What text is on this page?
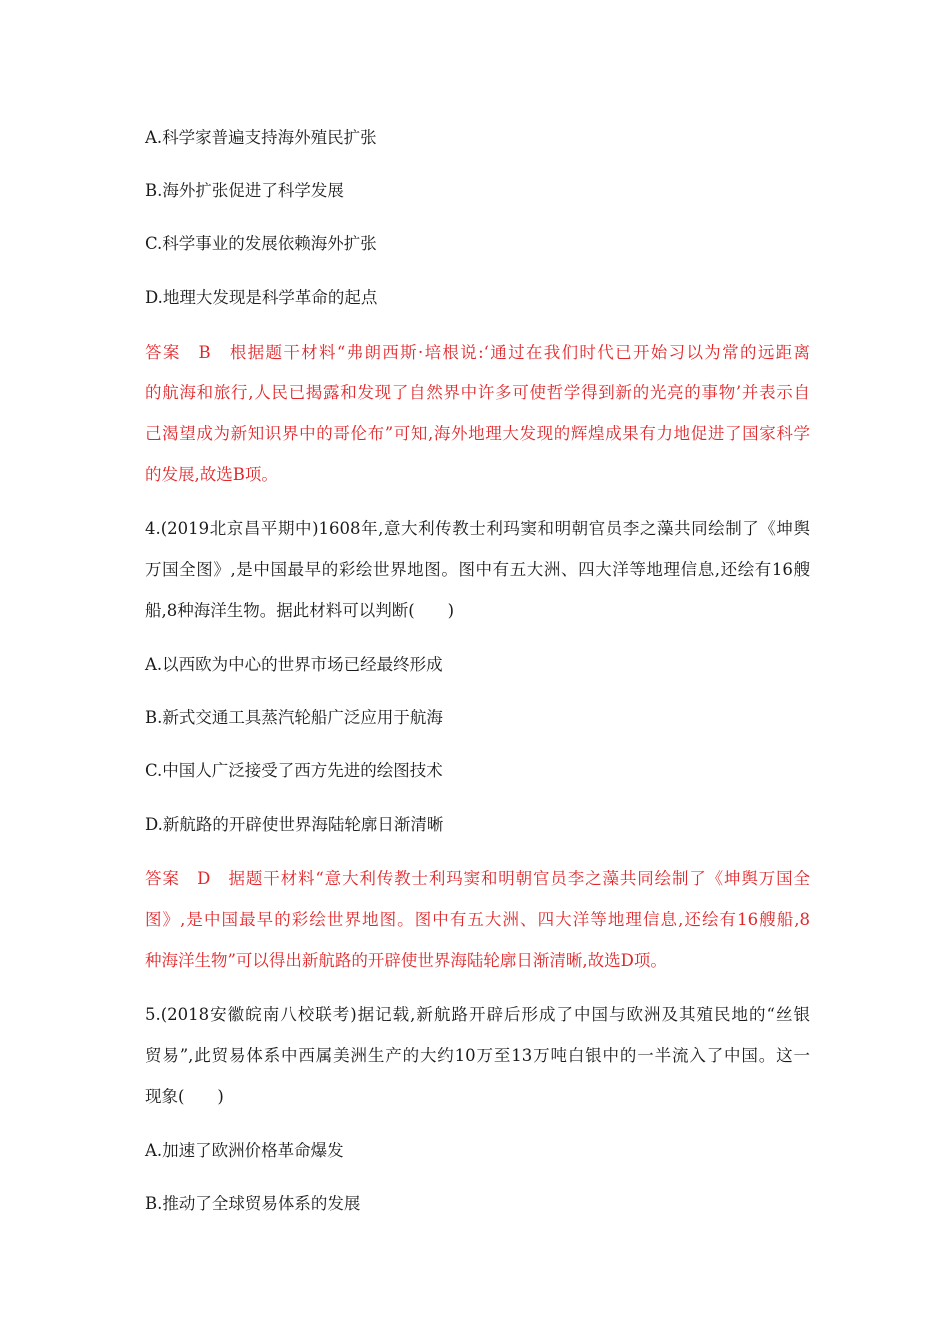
A.科学家普遍支持海外殖民扩张
B.海外扩张促进了科学发展
C.科学事业的发展依赖海外扩张
D.地理大发现是科学革命的起点
答案　B　根据题干材料“弗朗西斯·培根说:‘通过在我们时代已开始习以为常的远距离
的航海和旅行,人民已揭露和发现了自然界中许多可使哲学得到新的光亮的事物’并表示自
己渴望成为新知识界中的哥伦布”可知,海外地理大发现的辉煌成果有力地促进了国家科学
的发展,故选B项。
4.(2019北京昌平期中)1608年,意大利传教士利玛窦和明朝官员李之藻共同绘制了《坤舆
万国全图》,是中国最早的彩绘世界地图。图中有五大洲、四大洋等地理信息,还绘有16艘
船,8种海洋生物。据此材料可以判断(　　)
A.以西欧为中心的世界市场已经最终形成
B.新式交通工具蒸汽轮船广泛应用于航海
C.中国人广泛接受了西方先进的绘图技术
D.新航路的开辟使世界海陆轮廓日渐清晰
答案　D　据题干材料“意大利传教士利玛窦和明朝官员李之藻共同绘制了《坤舆万国全
图》,是中国最早的彩绘世界地图。图中有五大洲、四大洋等地理信息,还绘有16艘船,8
种海洋生物”可以得出新航路的开辟使世界海陆轮廓日渐清晰,故选D项。
5.(2018安徽皖南八校联考)据记载,新航路开辟后形成了中国与欧洲及其殖民地的“丝银
贸易”,此贸易体系中西属美洲生产的大约10万至13万吨白银中的一半流入了中国。这一
现象(　　)
A.加速了欧洲价格革命爆发
B.推动了全球贸易体系的发展
